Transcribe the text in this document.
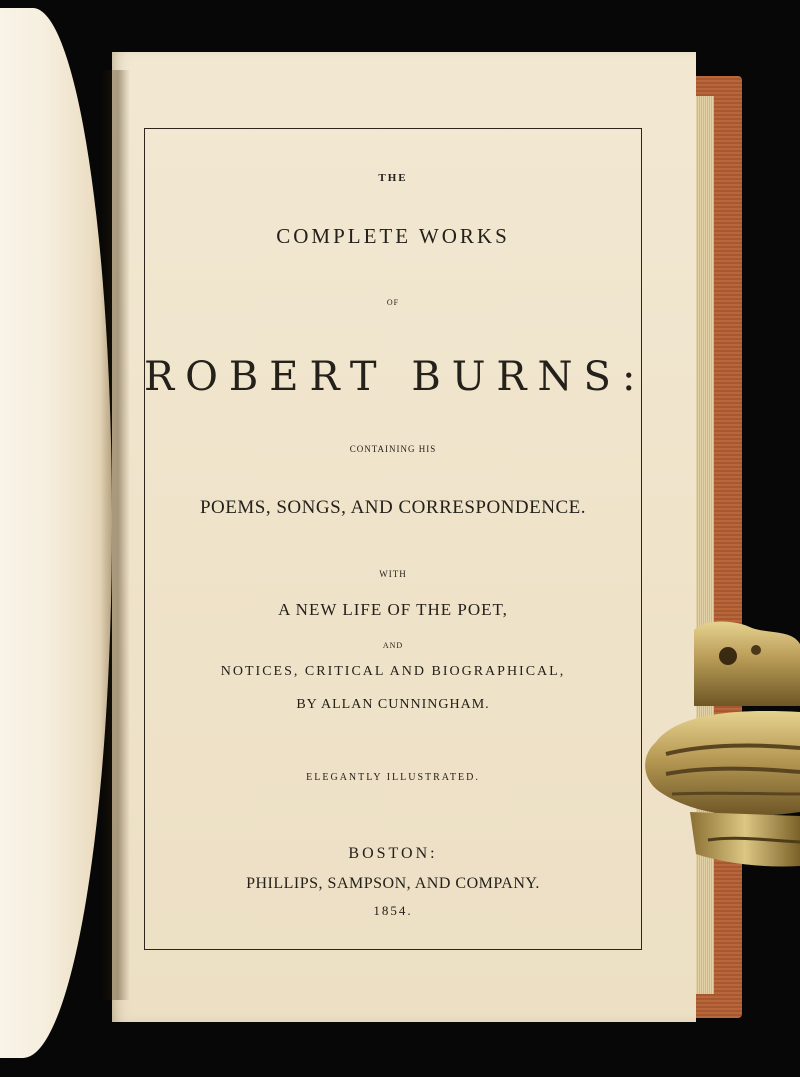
THE
COMPLETE WORKS
OF
ROBERT BURNS:
CONTAINING HIS
POEMS, SONGS, AND CORRESPONDENCE.
WITH
A NEW LIFE OF THE POET,
AND
NOTICES, CRITICAL AND BIOGRAPHICAL,
BY ALLAN CUNNINGHAM.
ELEGANTLY ILLUSTRATED.
BOSTON:
PHILLIPS, SAMPSON, AND COMPANY.
1854.
